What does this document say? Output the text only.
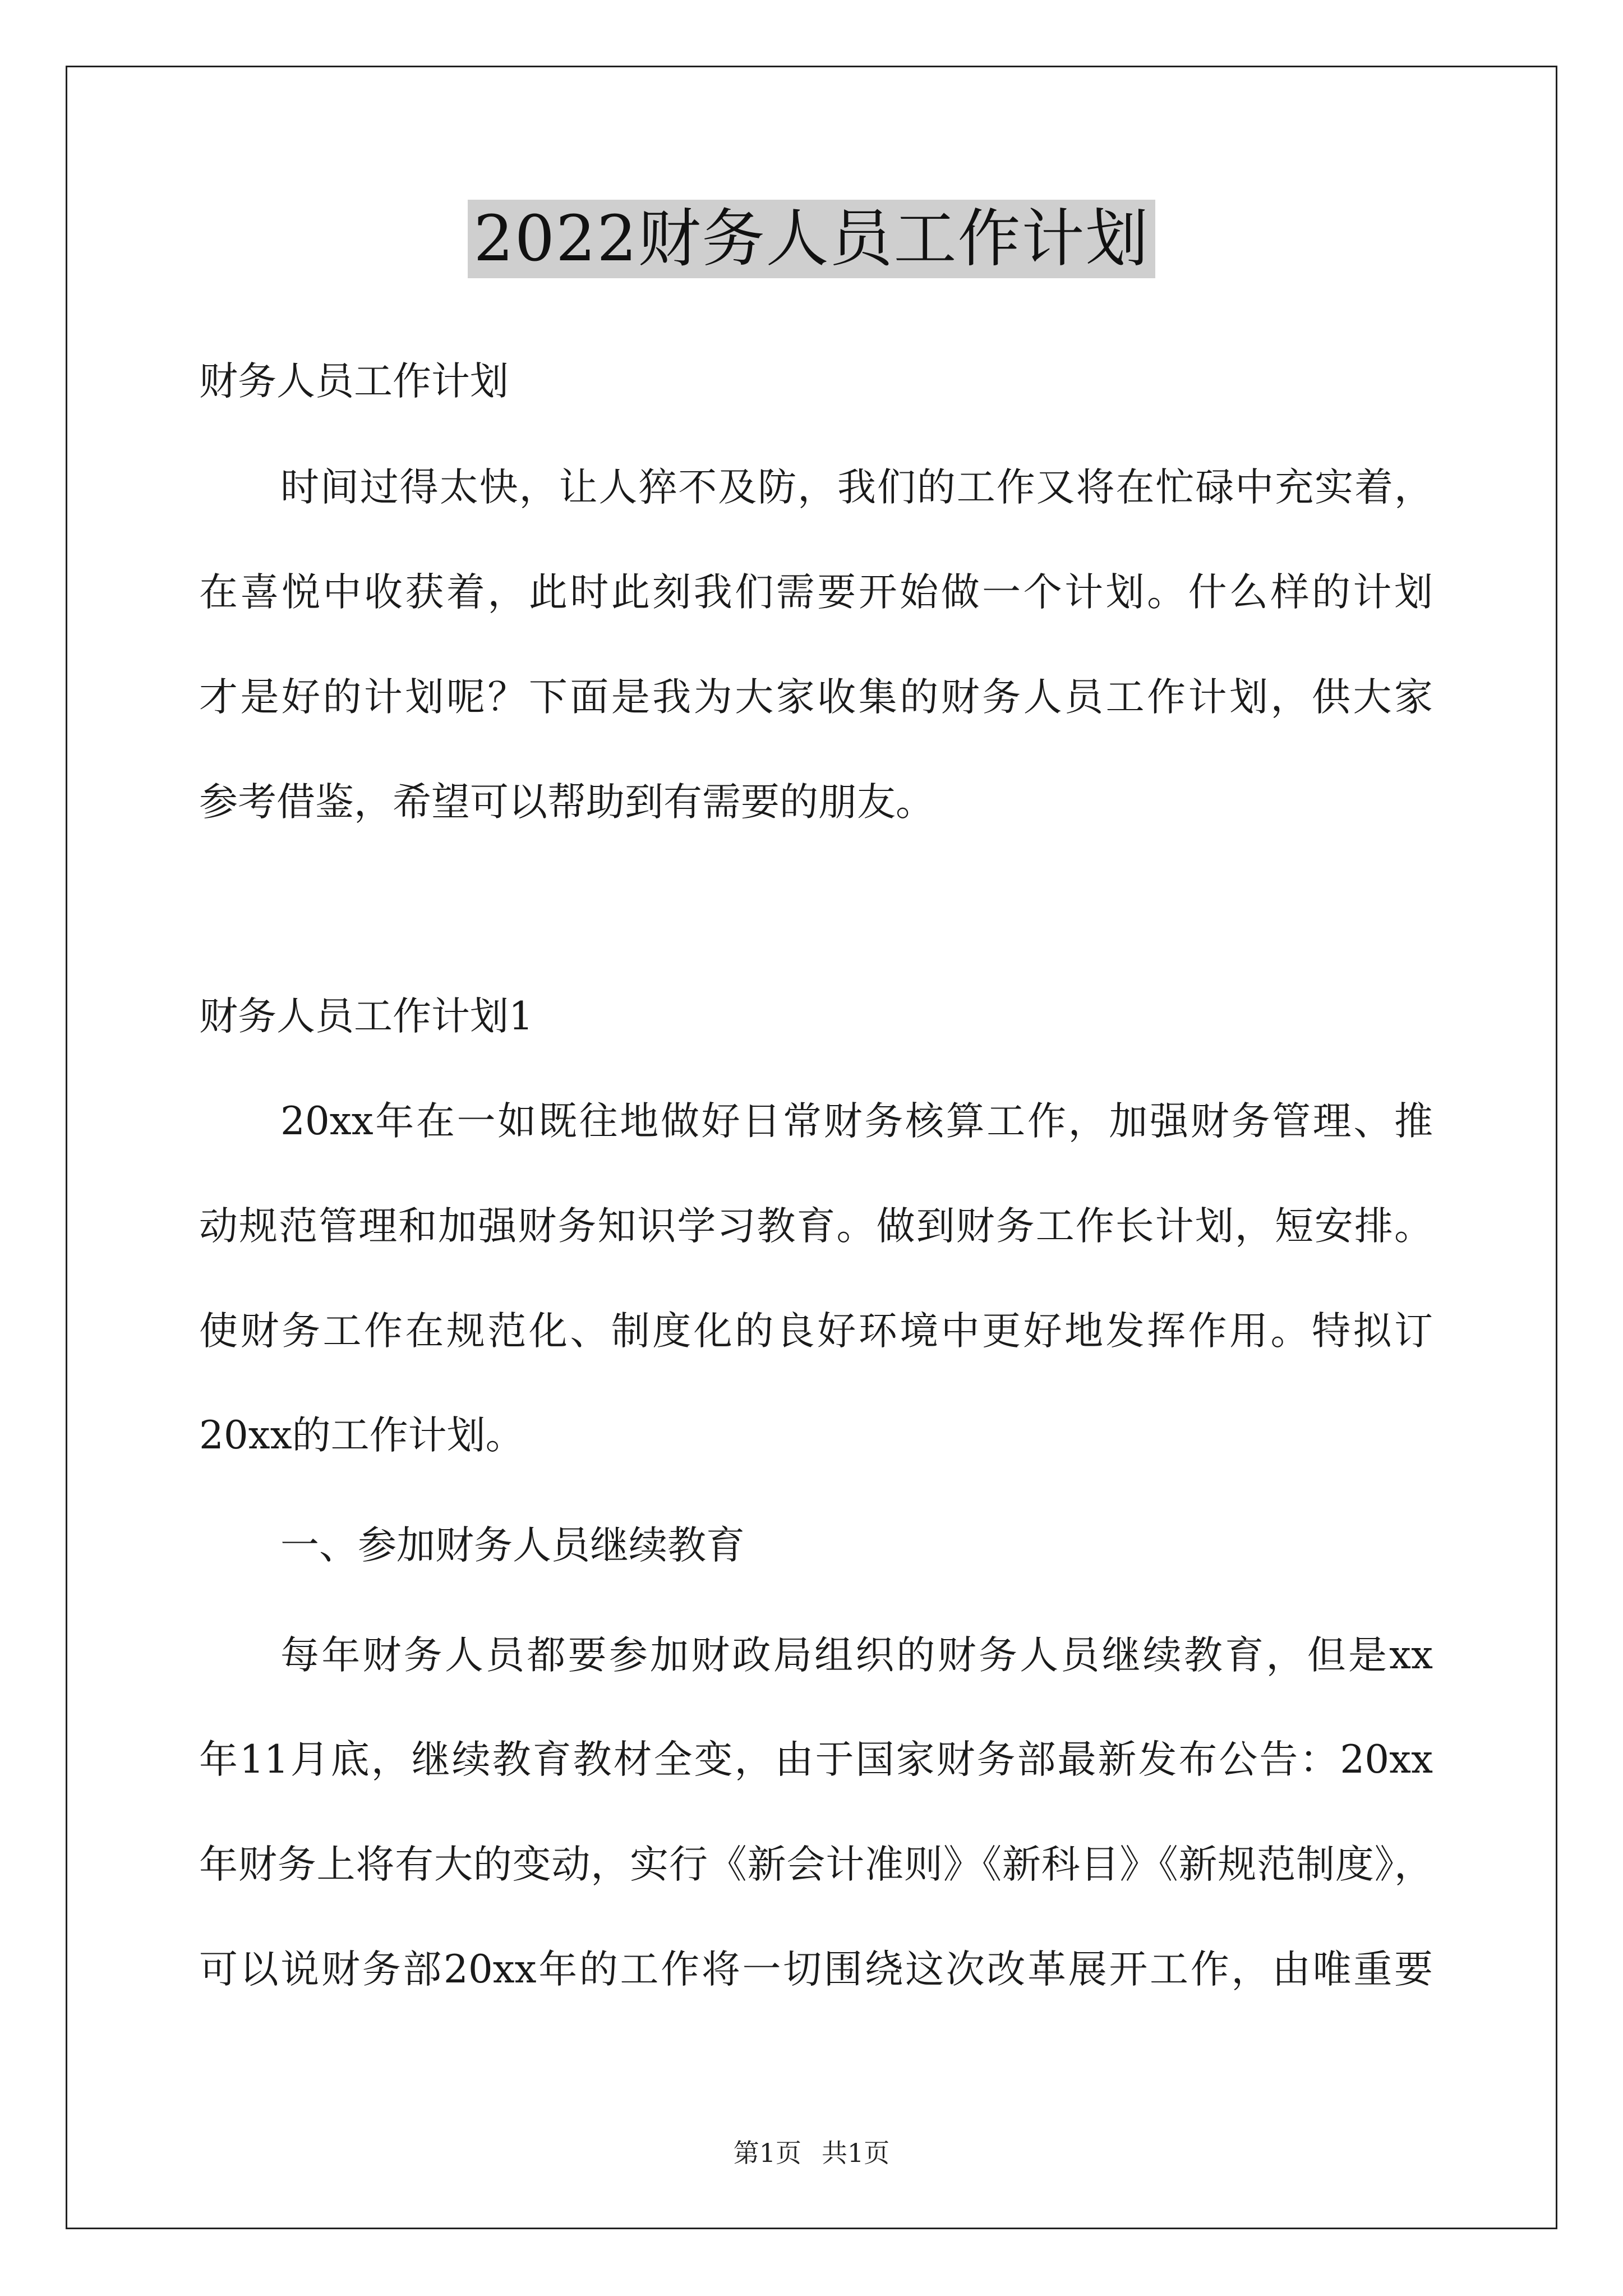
2022财务人员工作计划
财务人员工作计划
时间过得太快，让人猝不及防，我们的工作又将在忙碌中充实着，
在喜悦中收获着，此时此刻我们需要开始做一个计划。什么样的计划
才是好的计划呢？下面是我为大家收集的财务人员工作计划，供大家
参考借鉴，希望可以帮助到有需要的朋友。
财务人员工作计划1
20xx年在一如既往地做好日常财务核算工作，加强财务管理、推
动规范管理和加强财务知识学习教育。做到财务工作长计划，短安排。
使财务工作在规范化、制度化的良好环境中更好地发挥作用。特拟订
20xx的工作计划。
一、参加财务人员继续教育
每年财务人员都要参加财政局组织的财务人员继续教育，但是xx
年11月底，继续教育教材全变，由于国家财务部最新发布公告：20xx
年财务上将有大的变动，实行《新会计准则》《新科目》《新规范制度》，
可以说财务部20xx年的工作将一切围绕这次改革展开工作，由唯重要
第1页 共1页
